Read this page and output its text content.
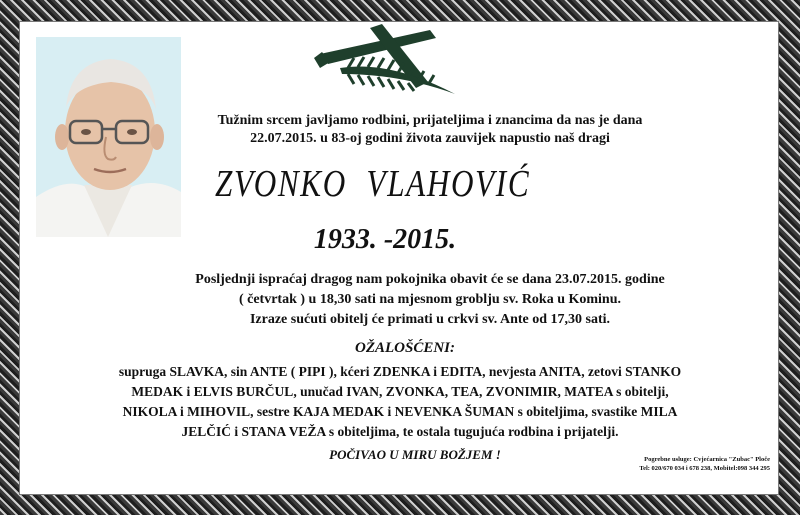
Tužnim srcem javljamo rodbini, prijateljima i znancima da nas je dana
22.07.2015. u 83-oj godini života zauvijek napustio naš dragi
ZVONKO VLAHOVIĆ
1933. -2015.
Posljednji ispraćaj dragog nam pokojnika obavit će se dana 23.07.2015. godine
( četvrtak ) u 18,30 sati na mjesnom groblju sv. Roka u Kominu.
Izraze sućuti obitelj će primati u crkvi sv. Ante od 17,30 sati.
OŽALOŠĆENI:
supruga SLAVKA, sin ANTE ( PIPI ), kćeri ZDENKA i EDITA, nevjesta ANITA, zetovi STANKO
MEDAK i ELVIS BURČUL, unučad IVAN, ZVONKA, TEA, ZVONIMIR, MATEA s obitelji,
NIKOLA i MIHOVIL, sestre KAJA MEDAK i NEVENKA ŠUMAN s obiteljima, svastike MILA
JELČIĆ i STANA VEŽA s obiteljima, te ostala tugujuća rodbina i prijatelji.
POČIVAO U MIRU BOŽJEM !	Pogrebne usluge: Cvjećarnica "Zubac" Ploče
Tel: 020/670 034 i 678 238, Mobitel:098 344 295
